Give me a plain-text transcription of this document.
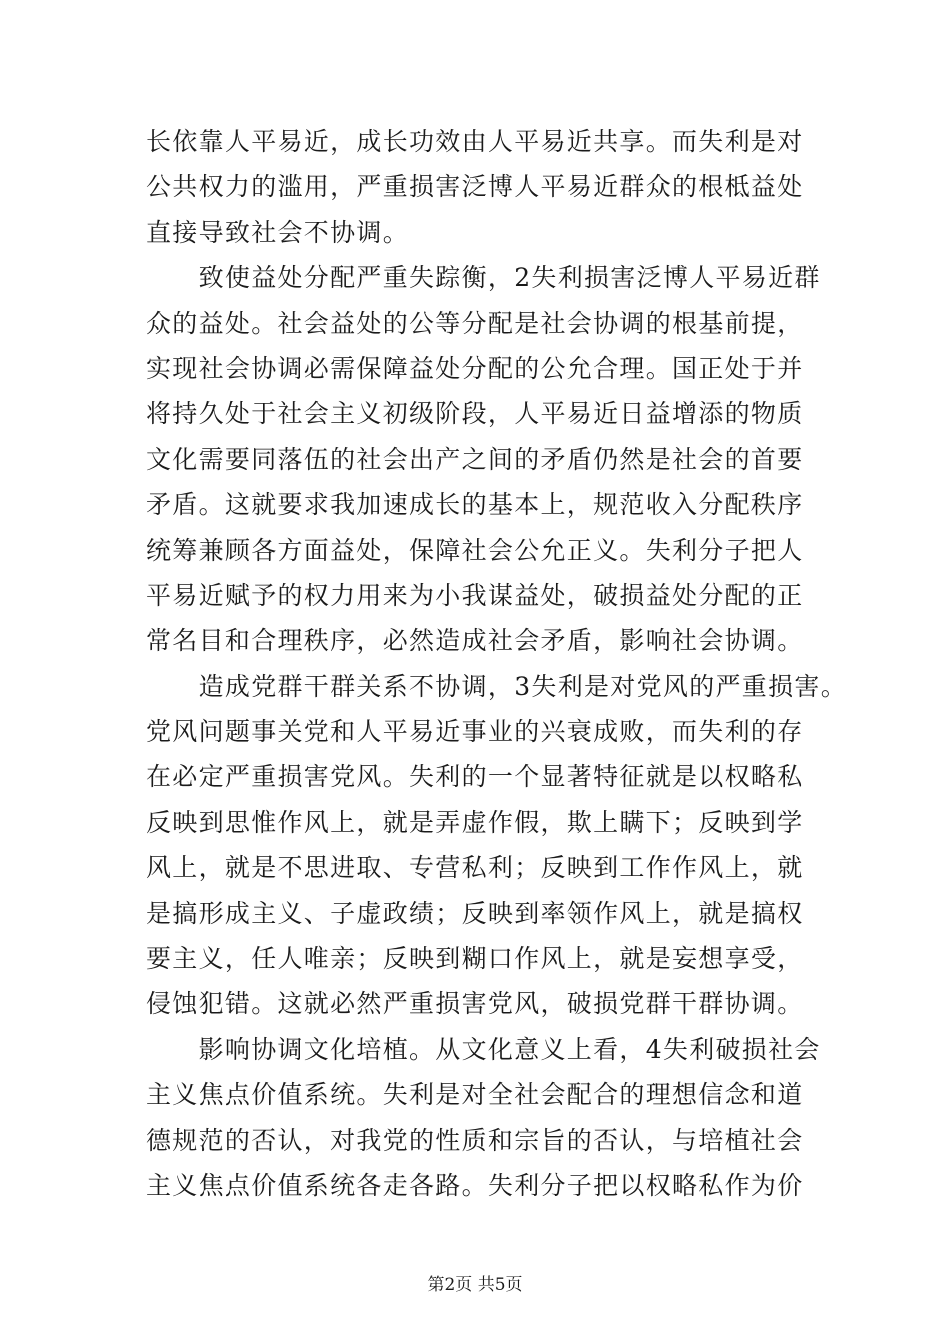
长依靠人平易近，成长功效由人平易近共享。而失利是对
公共权力的滥用，严重损害泛博人平易近群众的根柢益处
直接导致社会不协调。
　　致使益处分配严重失踪衡，2失利损害泛博人平易近群
众的益处。社会益处的公等分配是社会协调的根基前提，
实现社会协调必需保障益处分配的公允合理。国正处于并
将持久处于社会主义初级阶段，人平易近日益增添的物质
文化需要同落伍的社会出产之间的矛盾仍然是社会的首要
矛盾。这就要求我加速成长的基本上，规范收入分配秩序
统筹兼顾各方面益处，保障社会公允正义。失利分子把人
平易近赋予的权力用来为小我谋益处，破损益处分配的正
常名目和合理秩序，必然造成社会矛盾，影响社会协调。
　　造成党群干群关系不协调，3失利是对党风的严重损害。
党风问题事关党和人平易近事业的兴衰成败，而失利的存
在必定严重损害党风。失利的一个显著特征就是以权略私
反映到思惟作风上，就是弄虚作假，欺上瞒下；反映到学
风上，就是不思进取、专营私利；反映到工作作风上，就
是搞形成主义、子虚政绩；反映到率领作风上，就是搞权
要主义，任人唯亲；反映到糊口作风上，就是妄想享受，
侵蚀犯错。这就必然严重损害党风，破损党群干群协调。
　　影响协调文化培植。从文化意义上看，4失利破损社会
主义焦点价值系统。失利是对全社会配合的理想信念和道
德规范的否认，对我党的性质和宗旨的否认，与培植社会
主义焦点价值系统各走各路。失利分子把以权略私作为价
第2页 共5页
